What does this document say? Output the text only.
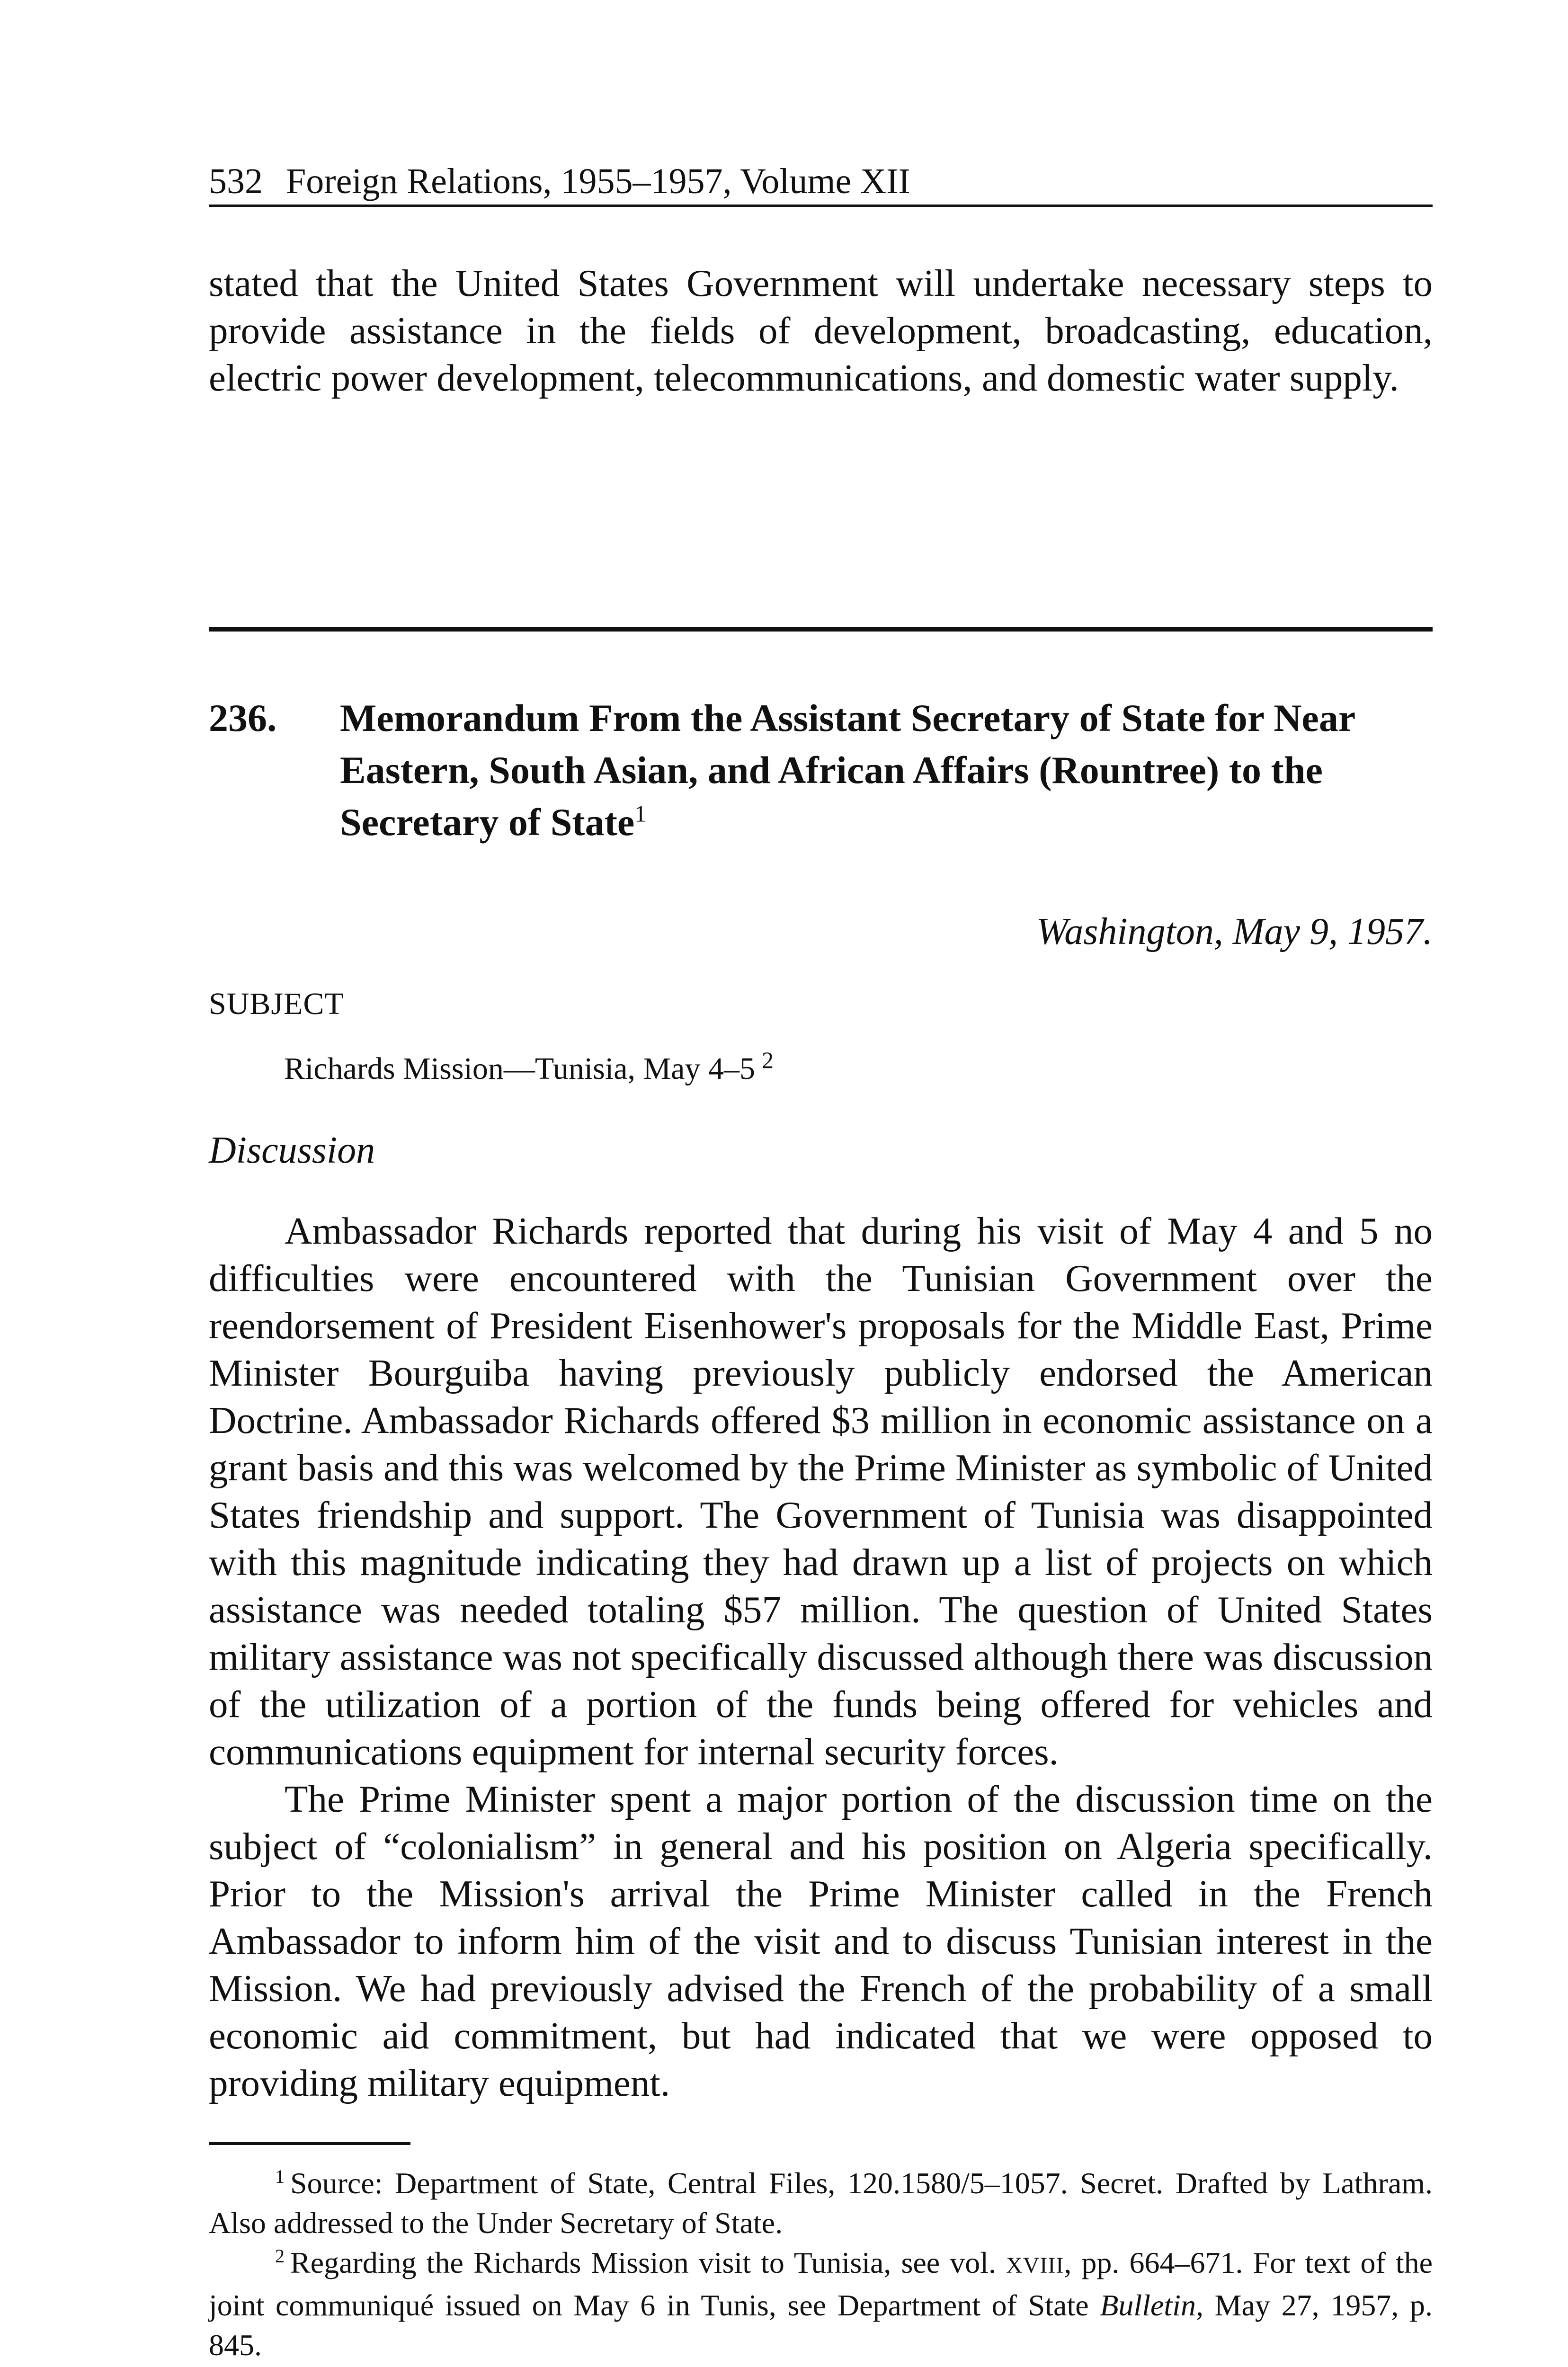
532 Foreign Relations, 1955–1957, Volume XII
stated that the United States Government will undertake necessary steps to provide assistance in the fields of development, broadcasting, education, electric power development, telecommunications, and domestic water supply.
236. Memorandum From the Assistant Secretary of State for Near Eastern, South Asian, and African Affairs (Rountree) to the Secretary of State$^1$
Washington, May 9, 1957.
SUBJECT
Richards Mission—Tunisia, May 4–5 $^2$
Discussion

Ambassador Richards reported that during his visit of May 4 and 5 no difficulties were encountered with the Tunisian Government over the reendorsement of President Eisenhower's proposals for the Middle East, Prime Minister Bourguiba having previously publicly endorsed the American Doctrine. Ambassador Richards offered $3 million in economic assistance on a grant basis and this was welcomed by the Prime Minister as symbolic of United States friendship and support. The Government of Tunisia was disappointed with this magnitude indicating they had drawn up a list of projects on which assistance was needed totaling $57 million. The question of United States military assistance was not specifically discussed although there was discussion of the utilization of a portion of the funds being offered for vehicles and communications equipment for internal security forces.

The Prime Minister spent a major portion of the discussion time on the subject of “colonialism” in general and his position on Algeria specifically. Prior to the Mission's arrival the Prime Minister called in the French Ambassador to inform him of the visit and to discuss Tunisian interest in the Mission. We had previously advised the French of the probability of a small economic aid commitment, but had indicated that we were opposed to providing military equipment.

$^1$ Source: Department of State, Central Files, 120.1580/5–1057. Secret. Drafted by Lathram. Also addressed to the Under Secretary of State.

$^2$ Regarding the Richards Mission visit to Tunisia, see vol. XVIII, pp. 664–671. For text of the joint communiqué issued on May 6 in Tunis, see Department of State Bulletin, May 27, 1957, p. 845.
